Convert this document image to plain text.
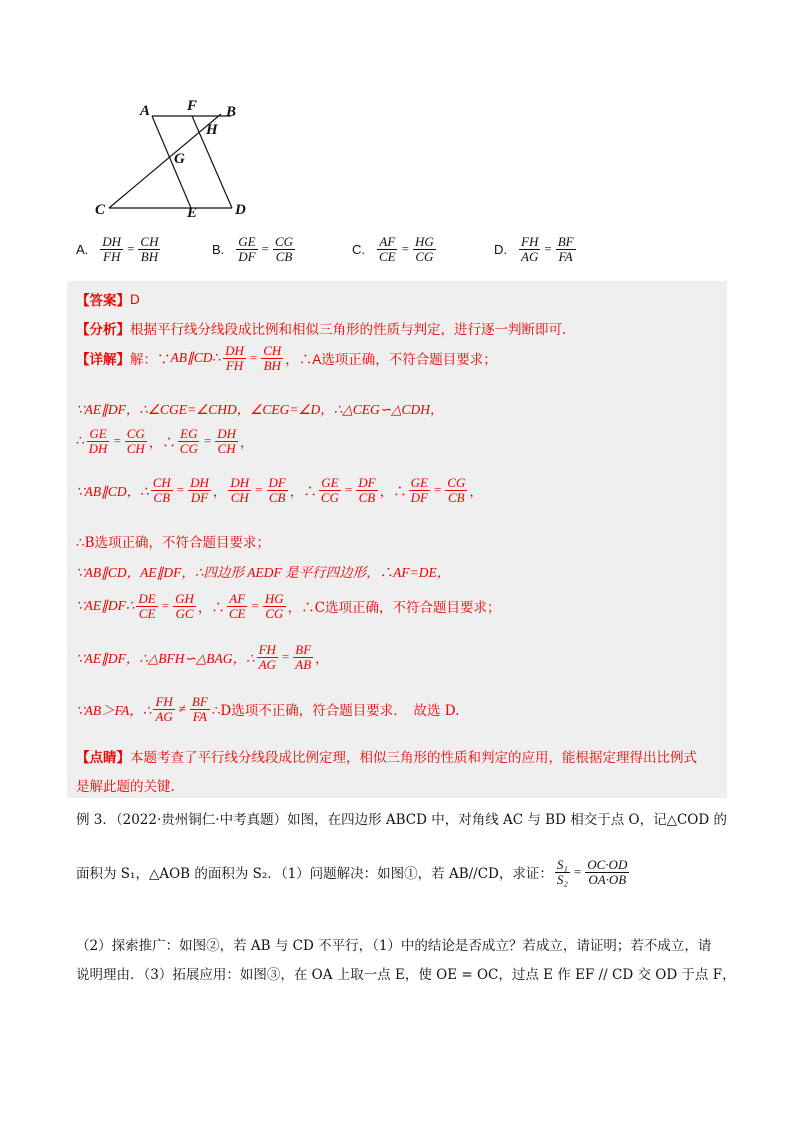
A F B
H
G
C	E	D
A. $\frac{DH}{FH} = \frac{CH}{BH}$	B. $\frac{GE}{DF} = \frac{CG}{CB}$	C. $\frac{AF}{CE} = \frac{HG}{CG}$	D. $\frac{FH}{AG} = \frac{BF}{FA}$
【答案】 D
【分析】 根据平行线分线段成比例和相似三角形的性质与判定，进行逐一判断即可.
【详解】 解：∵ AB∥CD ∴ $\frac{DH}{FH} = \frac{CH}{BH}$ ，∴A选项正确，不符合题目要求；
∵AE∥DF，∴∠CGE=∠CHD，∠CEG=∠D，∴△CEG∽△CDH，
∴ $\frac{GE}{DH} = \frac{CG}{CH}$ ，∴ $\frac{EG}{CG} = \frac{DH}{CH}$ ，
∵AB∥CD，∴ $\frac{CH}{CB} = \frac{DH}{DF}$ ， $\frac{DH}{CH} = \frac{DF}{CB}$ ，∴ $\frac{GE}{CG} = \frac{DF}{CB}$ ，∴ $\frac{GE}{DF} = \frac{CG}{CB}$ ，
∴B选项正确，不符合题目要求；
∵AB∥CD，AE∥DF，∴四边形 AEDF 是平行四边形，∴AF=DE，
∵AE∥DF∴ $\frac{DE}{CE} = \frac{GH}{GC}$ ，∴ $\frac{AF}{CE} = \frac{HG}{CG}$ ，∴C选项正确，不符合题目要求；
∵AE∥DF，∴△BFH∽△BAG，∴ $\frac{FH}{AG} = \frac{BF}{AB}$ ，
∵AB＞FA，∴ $\frac{FH}{AG} \ne \frac{BF}{FA}$ ∴D选项不正确，符合题目要求．　故选 D.
【点睛】 本题考查了平行线分线段成比例定理，相似三角形的性质和判定的应用，能根据定理得出比例式
是解此题的关键.
例 3．（2022·贵州铜仁·中考真题）如图，在四边形 ABCD 中，对角线 AC 与 BD 相交于点 O，记△COD 的
面积为 S₁，△AOB 的面积为 S₂．（1）问题解决：如图①，若 AB//CD，求证： $\frac{\text{S₁}}{\text{S₂}} = \frac{OC\cdot OD}{OA\cdot OB}$
（2）探索推广：如图②，若 AB 与 CD 不平行，（1）中的结论是否成立？若成立，请证明；若不成立，请
说明理由．（3）拓展应用：如图③，在 OA 上取一点 E，使 OE = OC，过点 E 作 EF // CD 交 OD 于点 F，
